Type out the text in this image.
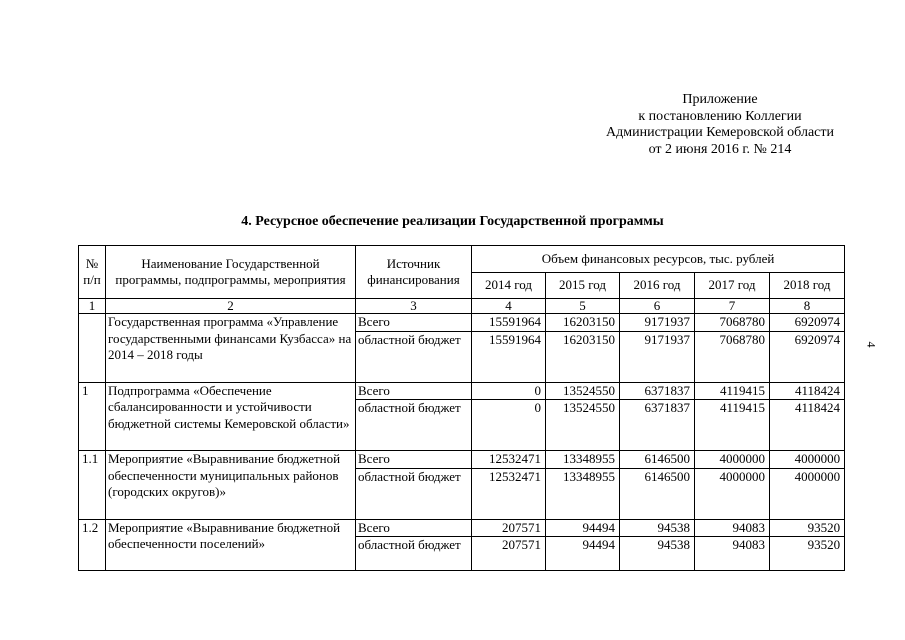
Приложение
к постановлению Коллегии
Администрации Кемеровской области
от 2 июня 2016 г. № 214
4. Ресурсное обеспечение реализации Государственной программы
4
№ п/п	Наименование Государственной программы, подпрограммы, мероприятия	Источник финансирования	Объем финансовых ресурсов, тыс. рублей				
			2014 год	2015 год	2016 год	2017 год	2018 год
1	2	3	4	5	6	7	8
	Государственная программа «Управление государственными финансами Кузбасса» на 2014 – 2018 годы	Всего	15591964	16203150	9171937	7068780	6920974
		областной бюджет	15591964	16203150	9171937	7068780	6920974
1	Подпрограмма «Обеспечение сбалансированности и устойчивости бюджетной системы Кемеровской области»	Всего	0	13524550	6371837	4119415	4118424
		областной бюджет	0	13524550	6371837	4119415	4118424
1.1	Мероприятие «Выравнивание бюджетной обеспеченности муниципальных районов (городских округов)»	Всего	12532471	13348955	6146500	4000000	4000000
		областной бюджет	12532471	13348955	6146500	4000000	4000000
1.2	Мероприятие «Выравнивание бюджетной обеспеченности поселений»	Всего	207571	94494	94538	94083	93520
		областной бюджет	207571	94494	94538	94083	93520
